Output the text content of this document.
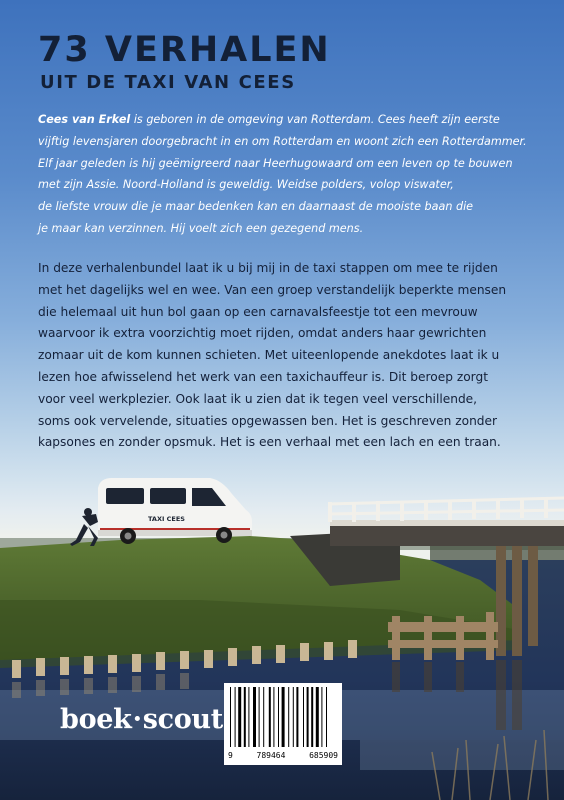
TAXI CEES
73 VERHALEN
UIT DE TAXI VAN CEES
Cees van Erkel is geboren in de omgeving van Rotterdam. Cees heeft zijn eerste
vijftig levensjaren doorgebracht in en om Rotterdam en woont zich een Rotterdammer.
Elf jaar geleden is hij geëmigreerd naar Heerhugowaard om een leven op te bouwen
met zijn Assie. Noord-Holland is geweldig. Weidse polders, volop viswater,
de liefste vrouw die je maar bedenken kan en daarnaast de mooiste baan die
je maar kan verzinnen. Hij voelt zich een gezegend mens.
In deze verhalenbundel laat ik u bij mij in de taxi stappen om mee te rijden
met het dagelijks wel en wee. Van een groep verstandelijk beperkte mensen
die helemaal uit hun bol gaan op een carnavalsfeestje tot een mevrouw
waarvoor ik extra voorzichtig moet rijden, omdat anders haar gewrichten
zomaar uit de kom kunnen schieten. Met uiteenlopende anekdotes laat ik u
lezen hoe afwisselend het werk van een taxichauffeur is. Dit beroep zorgt
voor veel werkplezier. Ook laat ik u zien dat ik tegen veel verschillende,
soms ook vervelende, situaties opgewassen ben. Het is geschreven zonder
kapsones en zonder opsmuk. Het is een verhaal met een lach en een traan.
9	789464	685909
boek·scout
